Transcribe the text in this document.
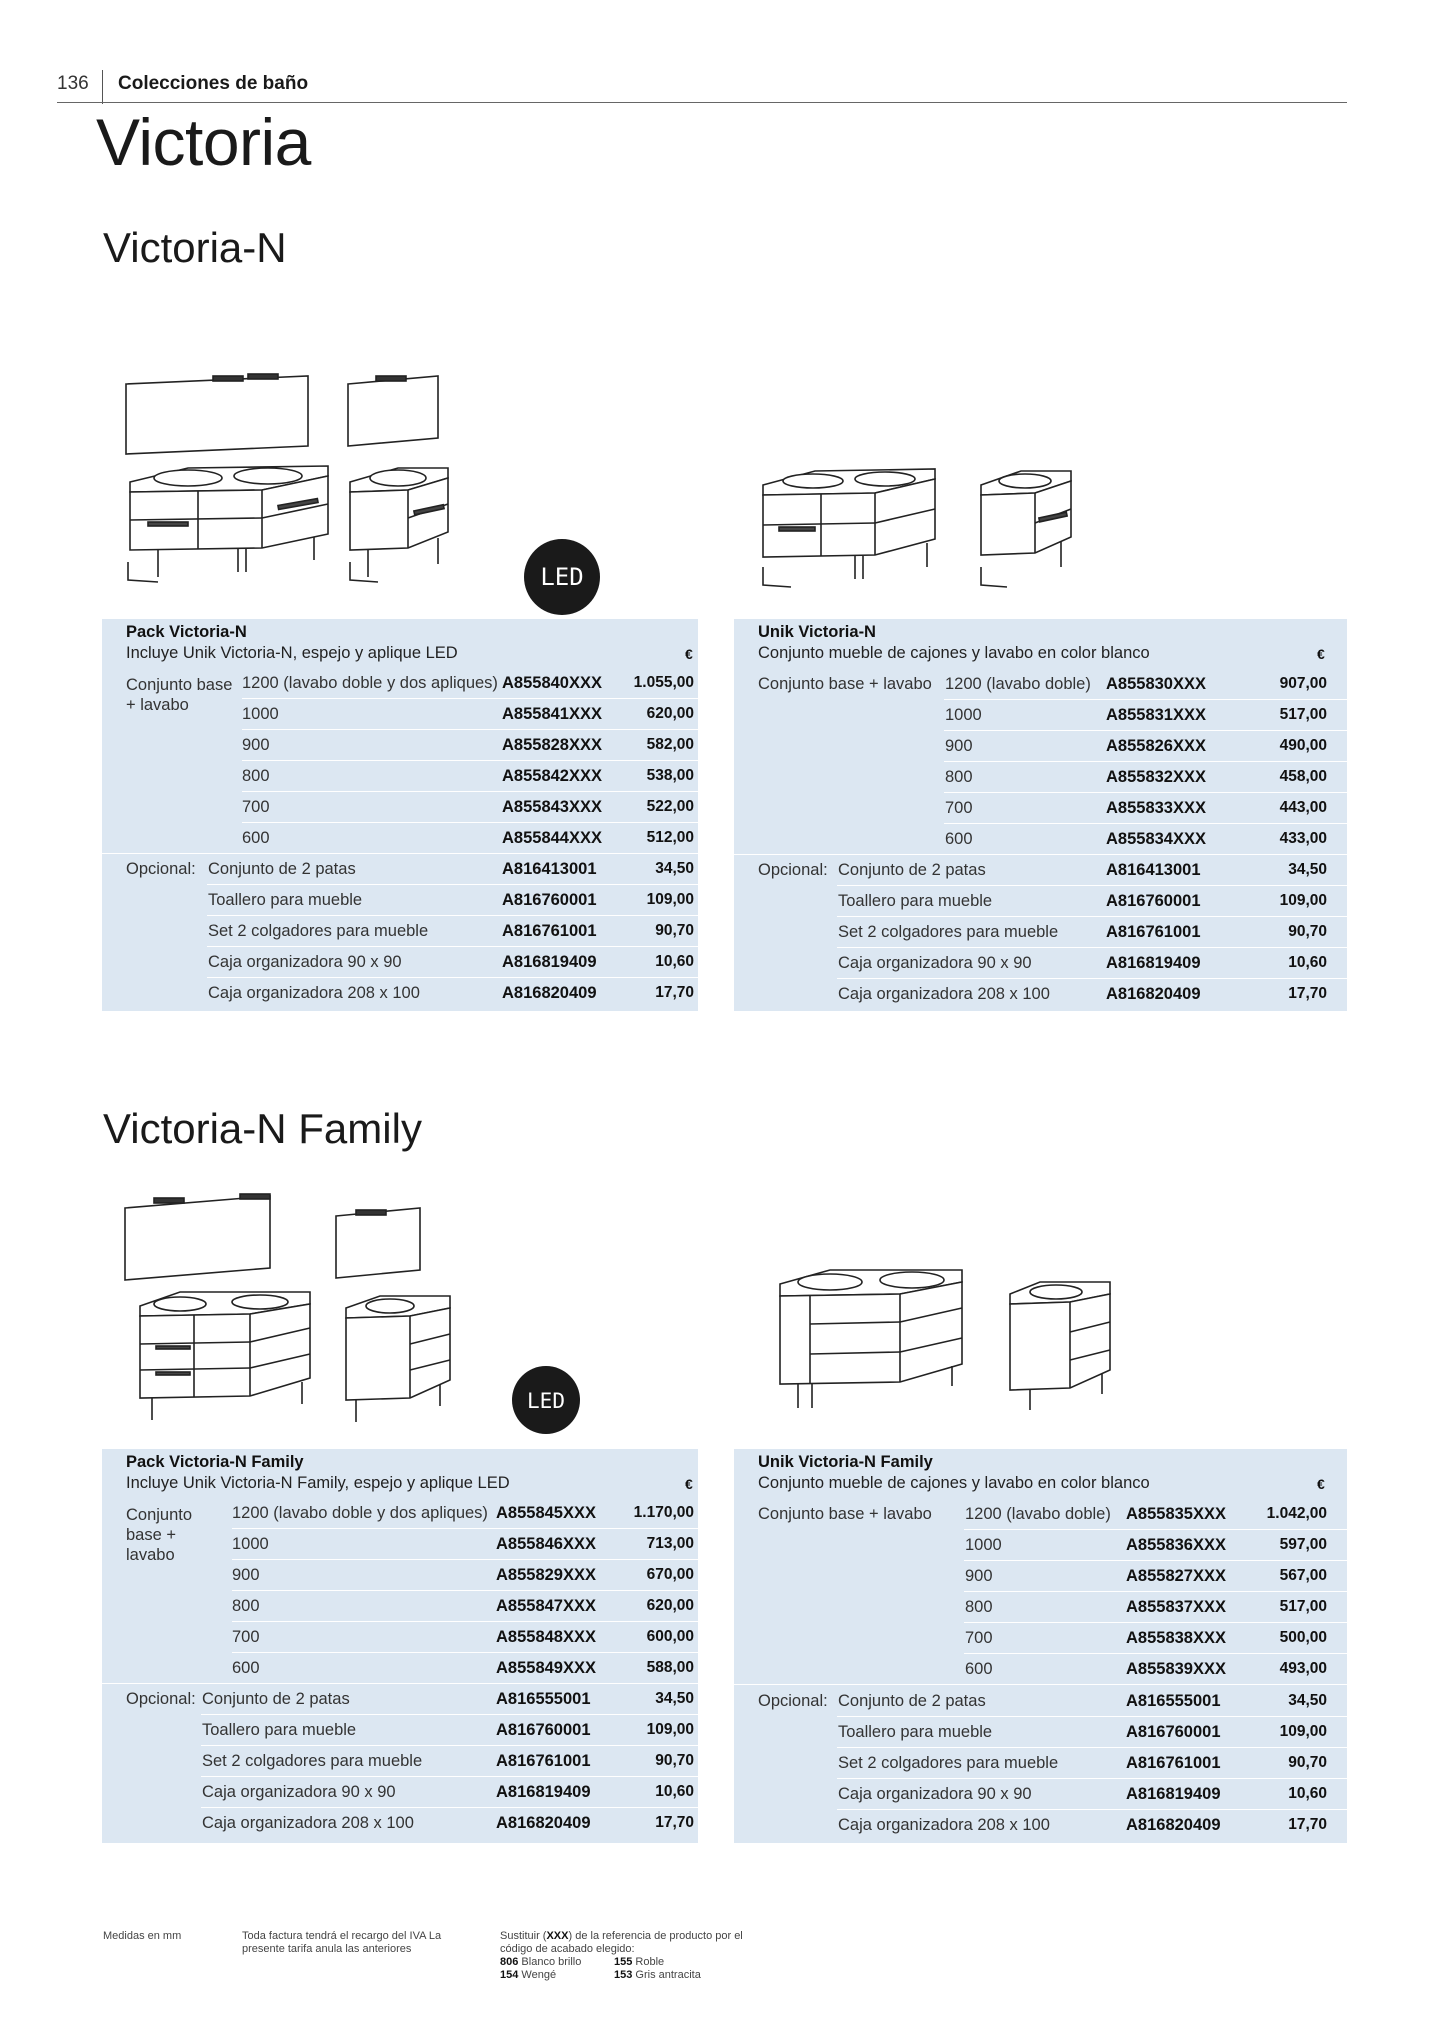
136 Colecciones de baño
Victoria
Victoria-N
LED
Pack Victoria-N
Incluye Unik Victoria-N, espejo y aplique LED	€
Conjunto base + lavabo
1200 (lavabo doble y dos apliques) A855840XXX 1.055,00
1000	A855841XXX	620,00
900	A855828XXX	582,00
800	A855842XXX	538,00
700	A855843XXX	522,00
600	A855844XXX	512,00
Opcional: Conjunto de 2 patas	A816413001	34,50
Toallero para mueble	A816760001	109,00
Set 2 colgadores para mueble	A816761001	90,70
Caja organizadora 90 x 90	A816819409	10,60
Caja organizadora 208 x 100	A816820409	17,70
Unik Victoria-N
Conjunto mueble de cajones y lavabo en color blanco	€
Conjunto base + lavabo 1200 (lavabo doble) A855830XXX	907,00
1000	A855831XXX	517,00
900	A855826XXX	490,00
800	A855832XXX	458,00
700	A855833XXX	443,00
600	A855834XXX	433,00
Opcional: Conjunto de 2 patas	A816413001	34,50
Toallero para mueble	A816760001	109,00
Set 2 colgadores para mueble	A816761001	90,70
Caja organizadora 90 x 90	A816819409	10,60
Caja organizadora 208 x 100	A816820409	17,70
Victoria-N Family
LED
Pack Victoria-N Family
Incluye Unik Victoria-N Family, espejo y aplique LED	€
Conjunto base + lavabo
1200 (lavabo doble y dos apliques) A855845XXX 1.170,00
1000	A855846XXX	713,00
900	A855829XXX	670,00
800	A855847XXX	620,00
700	A855848XXX	600,00
600	A855849XXX	588,00
Opcional: Conjunto de 2 patas	A816555001	34,50
Toallero para mueble	A816760001	109,00
Set 2 colgadores para mueble	A816761001	90,70
Caja organizadora 90 x 90	A816819409	10,60
Caja organizadora 208 x 100	A816820409	17,70
Unik Victoria-N Family
Conjunto mueble de cajones y lavabo en color blanco	€
Conjunto base + lavabo 1200 (lavabo doble) A855835XXX	1.042,00
1000	A855836XXX	597,00
900	A855827XXX	567,00
800	A855837XXX	517,00
700	A855838XXX	500,00
600	A855839XXX	493,00
Opcional: Conjunto de 2 patas	A816555001	34,50
Toallero para mueble	A816760001	109,00
Set 2 colgadores para mueble	A816761001	90,70
Caja organizadora 90 x 90	A816819409	10,60
Caja organizadora 208 x 100	A816820409	17,70
Medidas en mm	Toda factura tendrá el recargo del IVA La
presente tarifa anula las anteriores
Sustituir (XXX) de la referencia de producto por el
código de acabado elegido:
806 Blanco brillo	155 Roble
154 Wengé	153 Gris antracita
